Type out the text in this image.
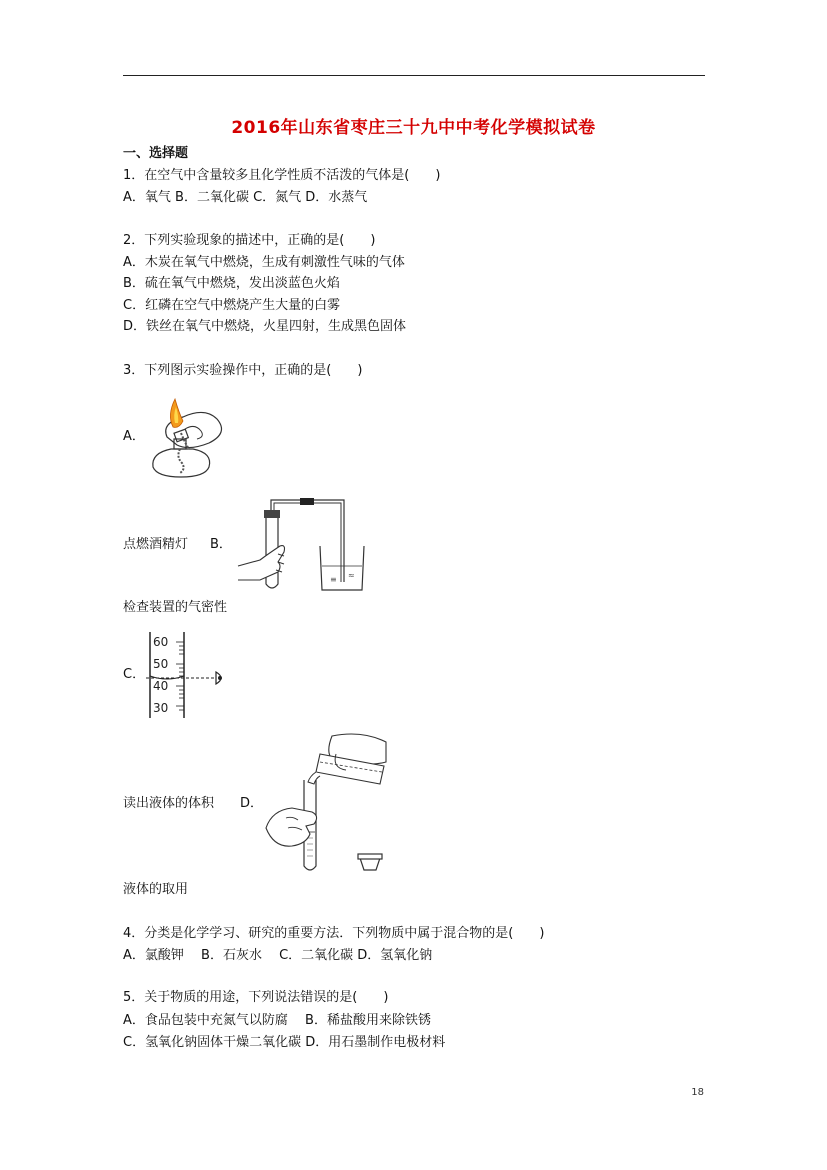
2016年山东省枣庄三十九中中考化学模拟试卷
一、选择题
1．在空气中含量较多且化学性质不活泼的气体是(　　)
A．氧气 B．二氧化碳 C．氮气 D．水蒸气
2．下列实验现象的描述中，正确的是(　　)
A．木炭在氧气中燃烧，生成有刺激性气味的气体
B．硫在氧气中燃烧，发出淡蓝色火焰
C．红磷在空气中燃烧产生大量的白雾
D．铁丝在氧气中燃烧，火星四射，生成黑色固体
3．下列图示实验操作中，正确的是(　　)
A．
点燃酒精灯 B．
≡ ≈
检查装置的气密性
C．
60
50
40
30
读出液体的体积 D．
液体的取用
4．分类是化学学习、研究的重要方法．下列物质中属于混合物的是(　　)
A．氯酸钾　 B．石灰水　 C．二氧化碳 D．氢氧化钠
5．关于物质的用途，下列说法错误的是(　　)
A．食品包装中充氮气以防腐　 B．稀盐酸用来除铁锈
C．氢氧化钠固体干燥二氧化碳 D．用石墨制作电极材料
18
